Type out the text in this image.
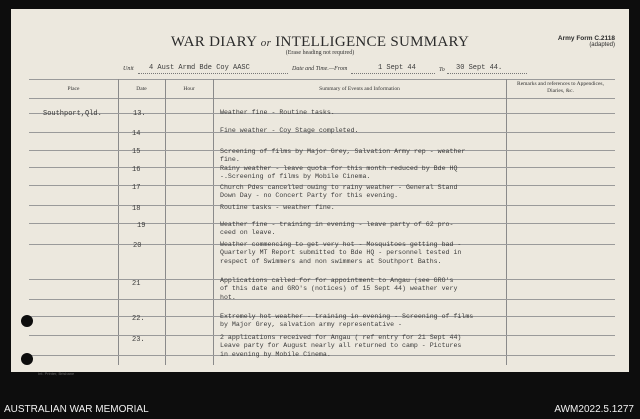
WAR DIARY or INTELLIGENCE SUMMARY
(Erase heading not required)
Army Form C.2118
(adapted)
Unit 4 Aust Armd Bde Coy AASC	Date and Time.—From	1 Sept 44	To 30 Sept 44.
Place	Date	Hour	Summary of Events and Information
Remarks and references to Appendices, Diaries, &c.
Southport,Qld.	13.	Weather fine - Routine tasks.
14	Fine weather - Coy Stage completed.
15	Screening of films by Major Grey, Salvation Army rep - weather
fine.
16	Rainy weather - leave quota for this month reduced by Bde HQ
-.Screening of films by Mobile Cinema.
17	Church Pdes cancelled owing to rainy weather - General Stand
Down Day - no Concert Party for this evening.
18	Routine tasks - weather fine.
19	Weather fine - training in evening - leave party of 62 pro-
ceed on leave.
20	Weather commencing to get very hot - Mosquitoes getting bad -
Quarterly MT Report submitted to Bde HQ - personnel tested in
respect of Swimmers and non swimmers at Southport Baths.
21	Applications called for for appointment to Angau (see GRO's
of this date and GRO's (notices) of 15 Sept 44) weather very
hot.
22.	Extremely hot weather - training in evening - Screening of films
by Major Grey, salvation army representative -
23.	2 applications received for Angau ( ref entry for 21 Sept 44)
Leave party for August nearly all returned to camp - Pictures
in evening by Mobile Cinema.
Int. Printer, Brisbane
AUSTRALIAN WAR MEMORIAL	AWM2022.5.1277
